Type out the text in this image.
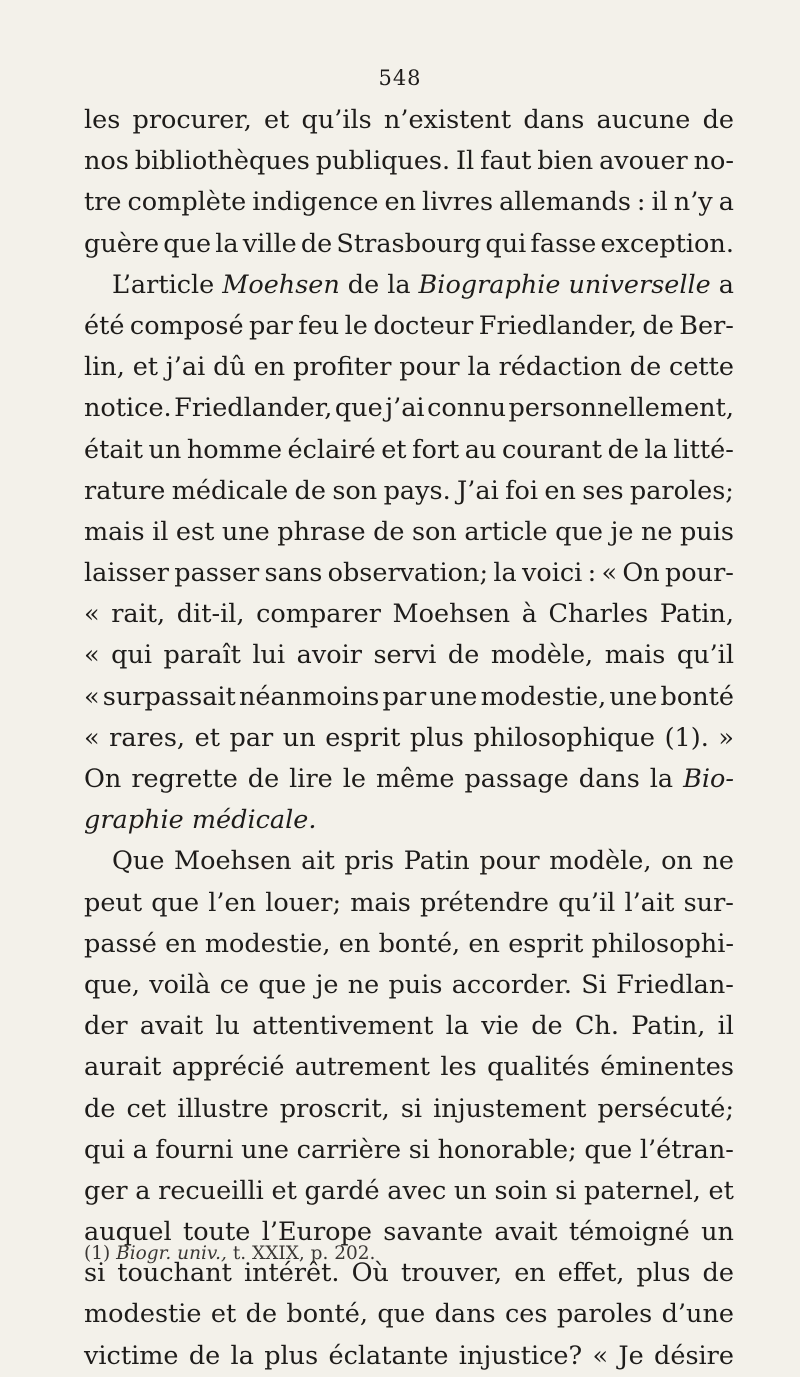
548
les procurer, et qu’ils n’existent dans aucune de
nos bibliothèques publiques. Il faut bien avouer no-
tre complète indigence en livres allemands : il n’y a
guère que la ville de Strasbourg qui fasse exception.
L’article Moehsen de la Biographie universelle a
été composé par feu le docteur Friedlander, de Ber-
lin, et j’ai dû en profiter pour la rédaction de cette
notice. Friedlander, que j’ai connu personnellement,
était un homme éclairé et fort au courant de la litté-
rature médicale de son pays. J’ai foi en ses paroles;
mais il est une phrase de son article que je ne puis
laisser passer sans observation; la voici : « On pour-
« rait, dit-il, comparer Moehsen à Charles Patin,
« qui paraît lui avoir servi de modèle, mais qu’il
« surpassait néanmoins par une modestie, une bonté
« rares, et par un esprit plus philosophique (1). »
On regrette de lire le même passage dans la Bio-
graphie médicale.
Que Moehsen ait pris Patin pour modèle, on ne
peut que l’en louer; mais prétendre qu’il l’ait sur-
passé en modestie, en bonté, en esprit philosophi-
que, voilà ce que je ne puis accorder. Si Friedlan-
der avait lu attentivement la vie de Ch. Patin, il
aurait apprécié autrement les qualités éminentes
de cet illustre proscrit, si injustement persécuté;
qui a fourni une carrière si honorable; que l’étran-
ger a recueilli et gardé avec un soin si paternel, et
auquel toute l’Europe savante avait témoigné un
si touchant intérêt. Où trouver, en effet, plus de
modestie et de bonté, que dans ces paroles d’une
victime de la plus éclatante injustice? « Je désire
(1) Biogr. univ., t. XXIX, p. 202.
